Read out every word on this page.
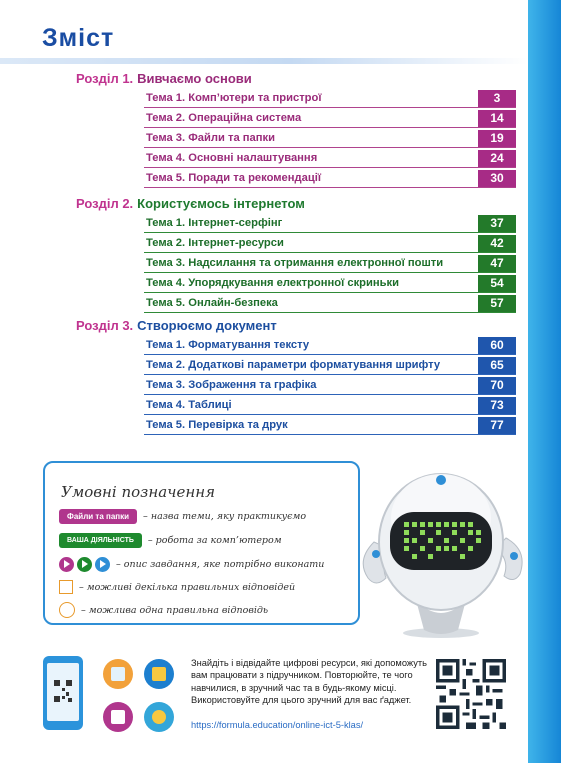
Зміст
Розділ 1. Вивчаємо основи
Тема 1. Комп’ютери та пристрої	3
Тема 2. Операційна система	14
Тема 3. Файли та папки	19
Тема 4. Основні налаштування	24
Тема 5. Поради та рекомендації	30
Розділ 2. Користуємось інтернетом
Тема 1. Інтернет-серфінг	37
Тема 2. Інтернет-ресурси	42
Тема 3. Надсилання та отримання електронної пошти	47
Тема 4. Упорядкування електронної скриньки	54
Тема 5. Онлайн-безпека	57
Розділ 3. Створюємо документ
Тема 1. Форматування тексту	60
Тема 2. Додаткові параметри форматування шрифту	65
Тема 3. Зображення та графіка	70
Тема 4. Таблиці	73
Тема 5. Перевірка та друк	77
Умовні позначення
Файли та папки	– назва теми, яку практикуємо
ВАША ДІЯЛЬНІСТЬ	– робота за комп’ютером
– опис завдання, яке потрібно виконати
– можливі декілька правильних відповідей
– можлива одна правильна відповідь
Знайдіть і відвідайте цифрові ресурси, які допоможуть вам працювати з підручником. Повторюйте, те чого навчилися, в зручний час та в будь-якому місці. Використовуйте для цього зручний для вас ґаджет.
https://formula.education/online-ict-5-klas/
